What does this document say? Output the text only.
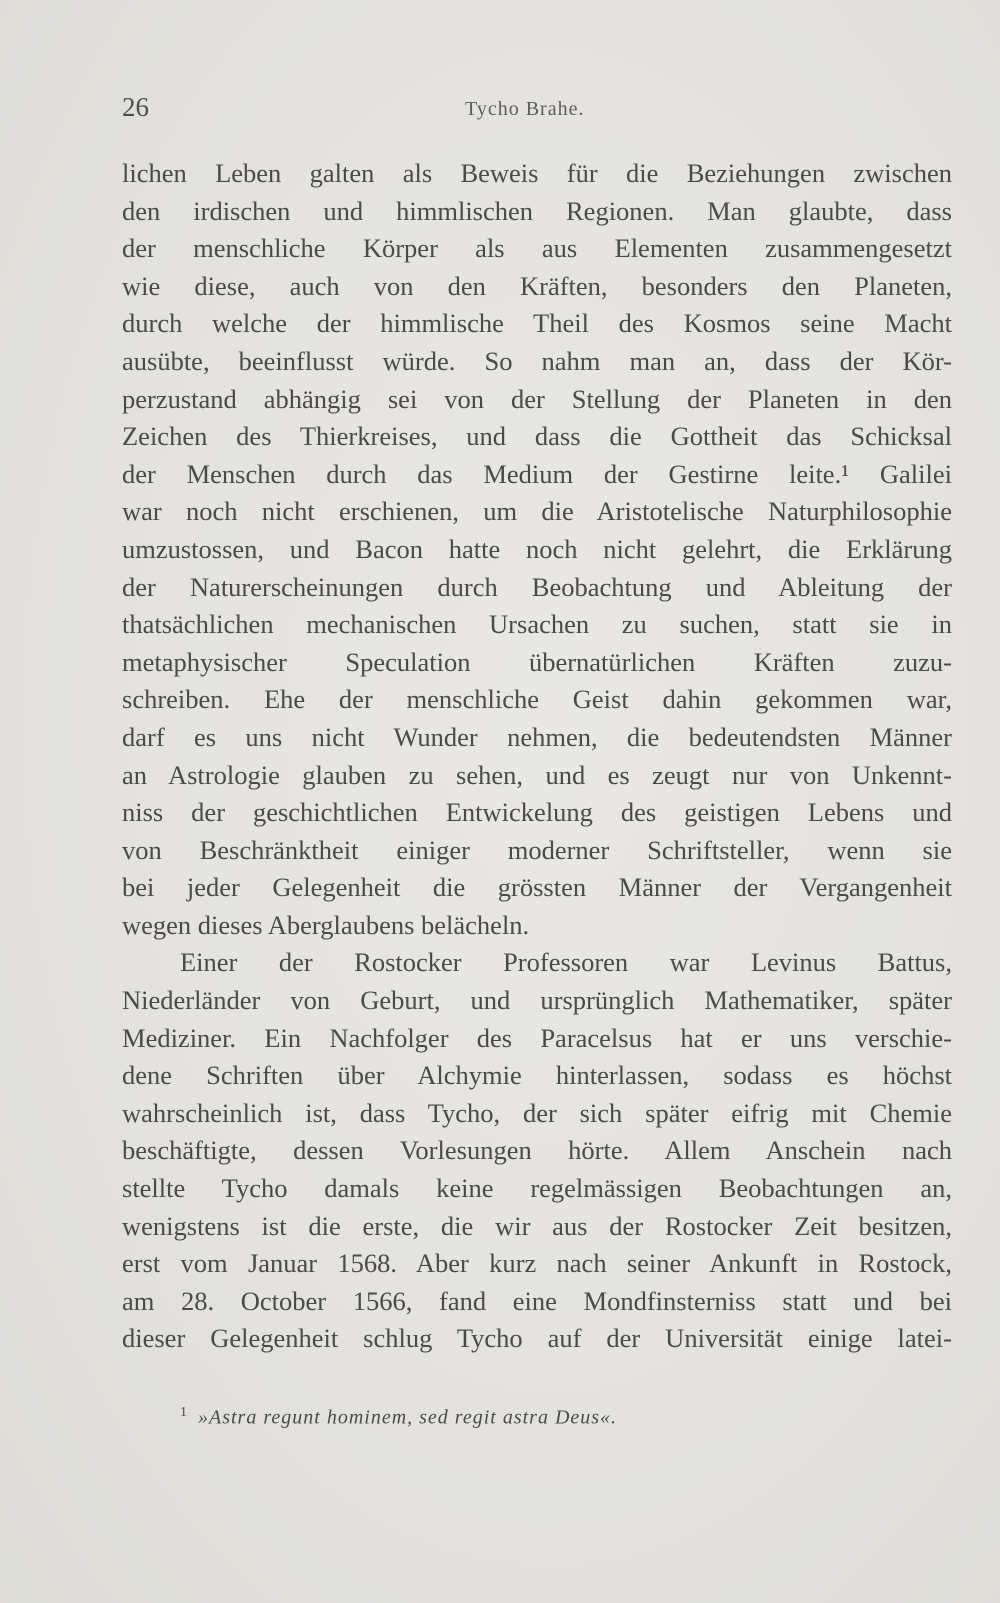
26	Tycho Brahe.
lichen Leben galten als Beweis für die Beziehungen zwischen
den irdischen und himmlischen Regionen. Man glaubte, dass
der menschliche Körper als aus Elementen zusammengesetzt
wie diese, auch von den Kräften, besonders den Planeten,
durch welche der himmlische Theil des Kosmos seine Macht
ausübte, beeinflusst würde. So nahm man an, dass der Kör-
perzustand abhängig sei von der Stellung der Planeten in den
Zeichen des Thierkreises, und dass die Gottheit das Schicksal
der Menschen durch das Medium der Gestirne leite.¹ Galilei
war noch nicht erschienen, um die Aristotelische Naturphilosophie
umzustossen, und Bacon hatte noch nicht gelehrt, die Erklärung
der Naturerscheinungen durch Beobachtung und Ableitung der
thatsächlichen mechanischen Ursachen zu suchen, statt sie in
metaphysischer Speculation übernatürlichen Kräften zuzu-
schreiben. Ehe der menschliche Geist dahin gekommen war,
darf es uns nicht Wunder nehmen, die bedeutendsten Männer
an Astrologie glauben zu sehen, und es zeugt nur von Unkennt-
niss der geschichtlichen Entwickelung des geistigen Lebens und
von Beschränktheit einiger moderner Schriftsteller, wenn sie
bei jeder Gelegenheit die grössten Männer der Vergangenheit
wegen dieses Aberglaubens belächeln.
Einer der Rostocker Professoren war Levinus Battus,
Niederländer von Geburt, und ursprünglich Mathematiker, später
Mediziner. Ein Nachfolger des Paracelsus hat er uns verschie-
dene Schriften über Alchymie hinterlassen, sodass es höchst
wahrscheinlich ist, dass Tycho, der sich später eifrig mit Chemie
beschäftigte, dessen Vorlesungen hörte. Allem Anschein nach
stellte Tycho damals keine regelmässigen Beobachtungen an,
wenigstens ist die erste, die wir aus der Rostocker Zeit besitzen,
erst vom Januar 1568. Aber kurz nach seiner Ankunft in Rostock,
am 28. October 1566, fand eine Mondfinsterniss statt und bei
dieser Gelegenheit schlug Tycho auf der Universität einige latei-
$^1$ »Astra regunt hominem, sed regit astra Deus«.
